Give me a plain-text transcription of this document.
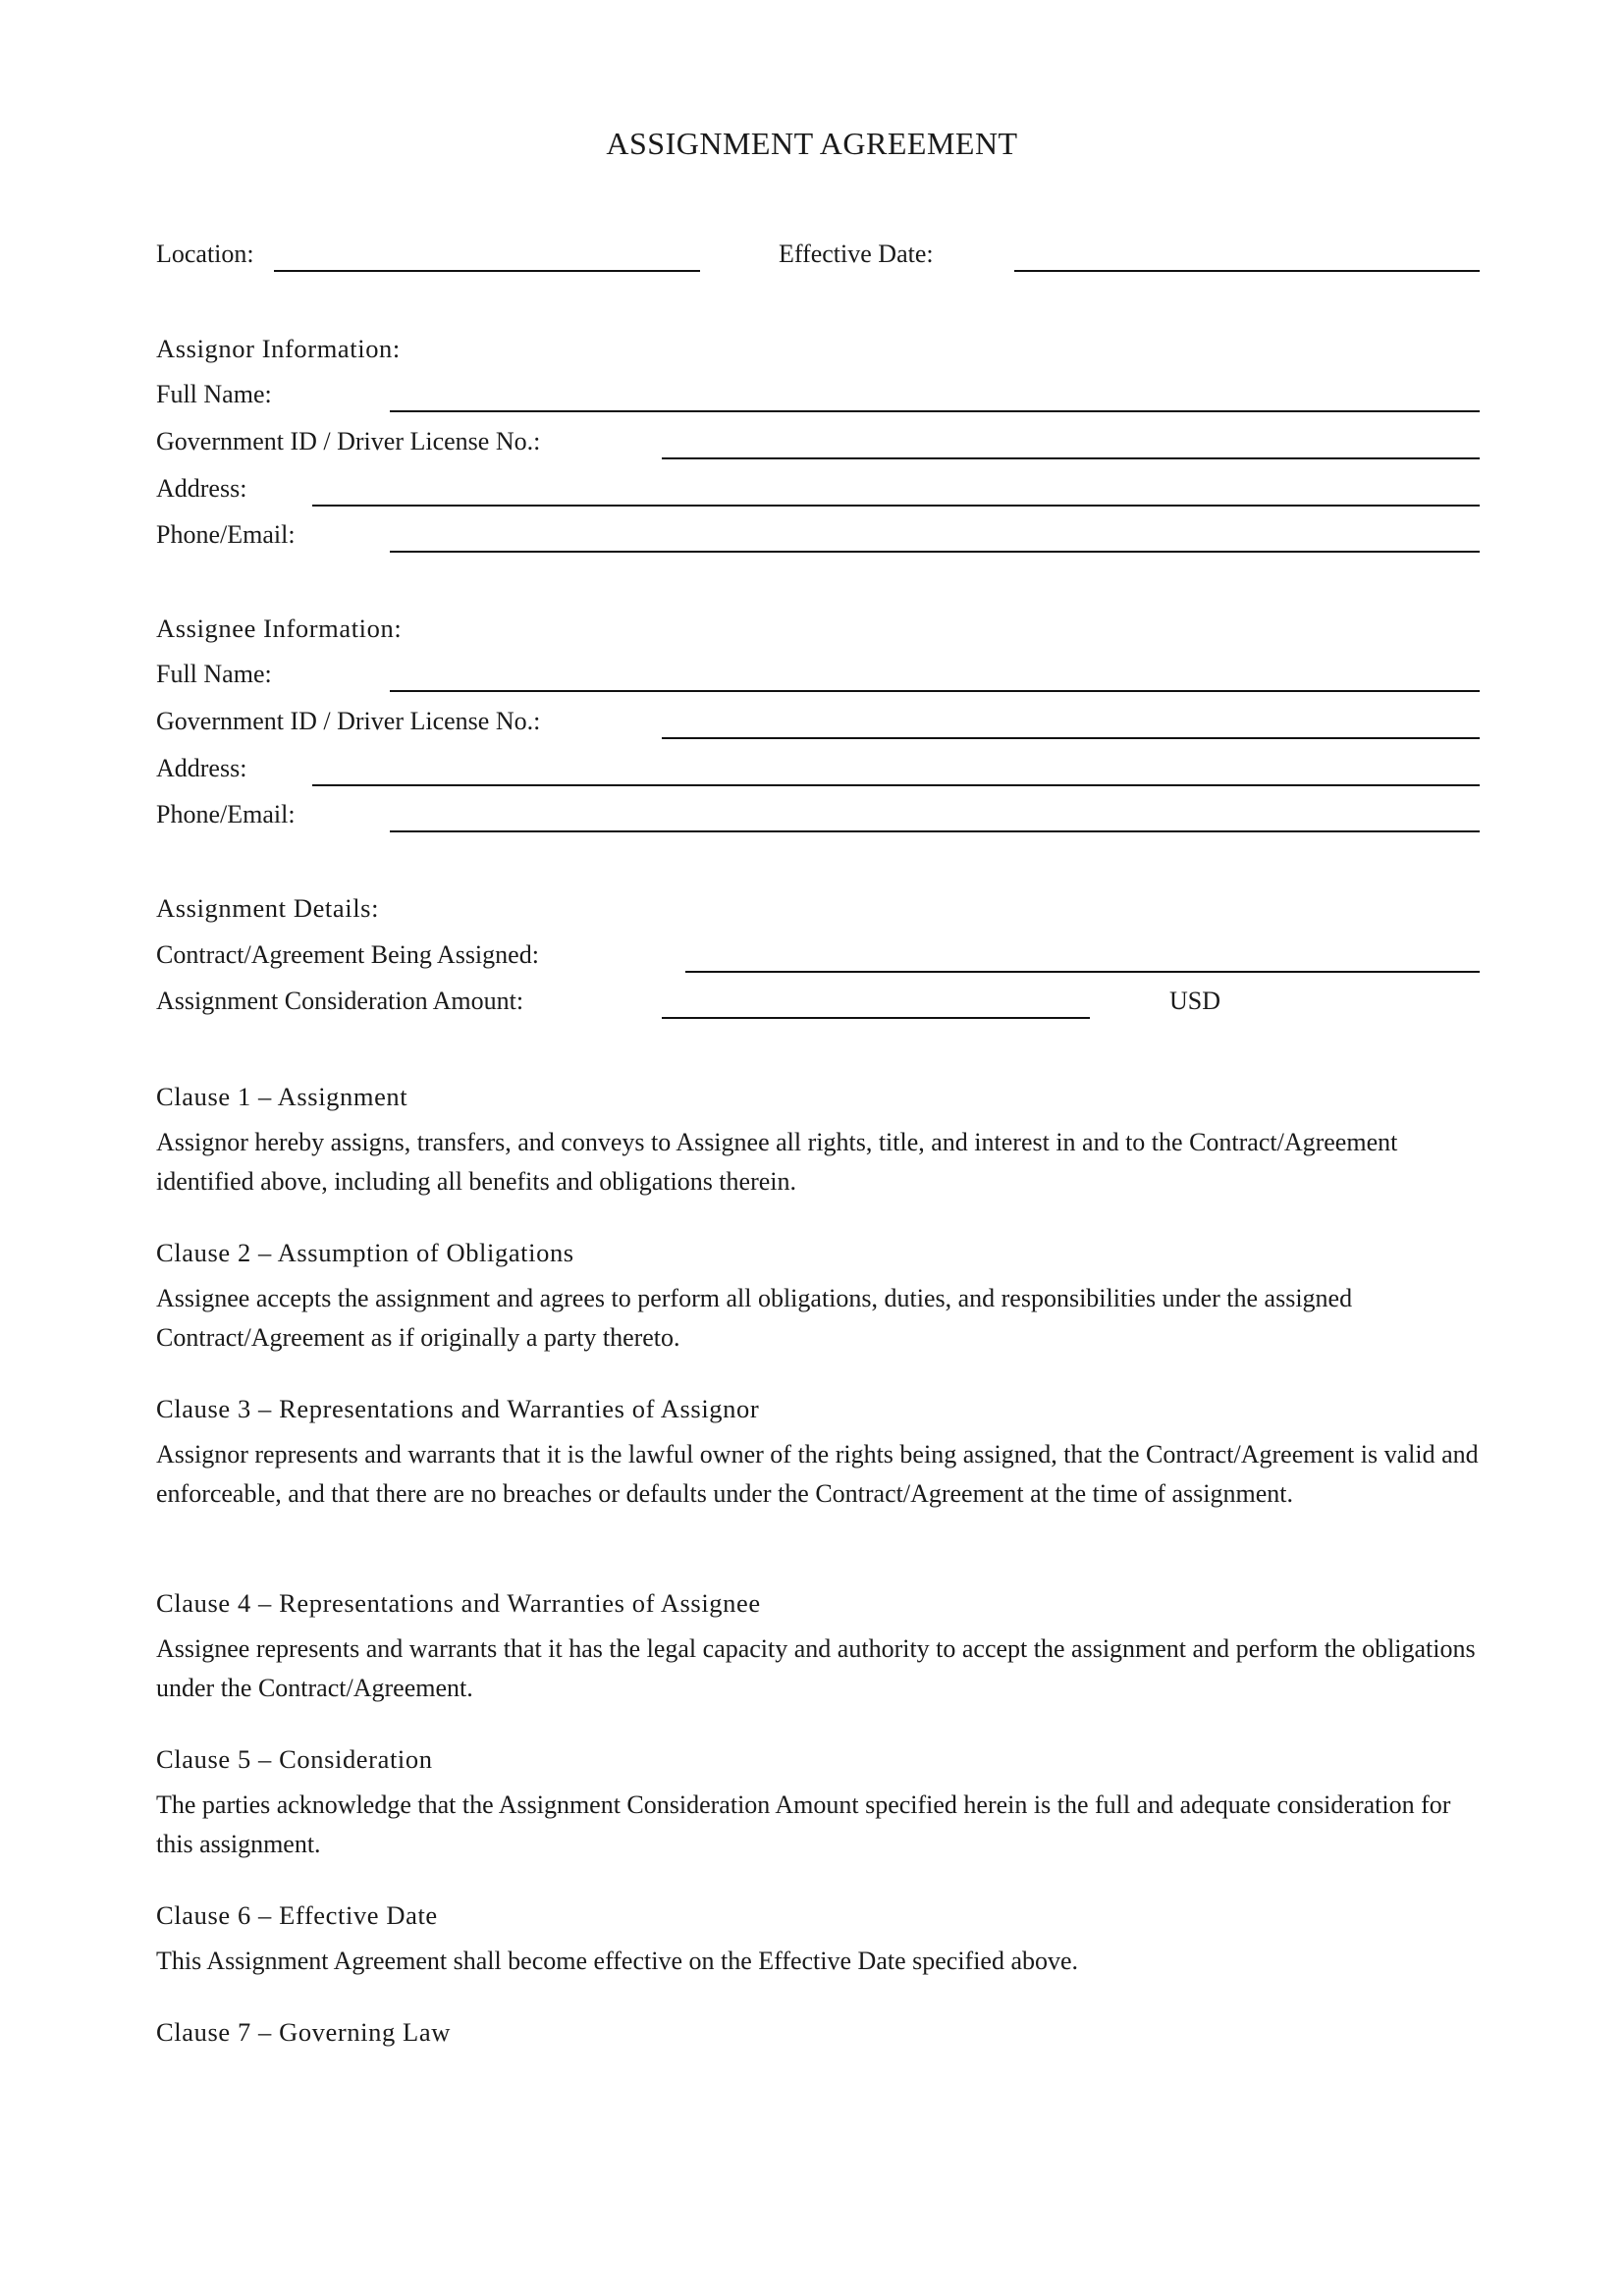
ASSIGNMENT AGREEMENT
Location:	Effective Date:
Assignor Information:
Full Name:
Government ID / Driver License No.:
Address:
Phone/Email:
Assignee Information:
Full Name:
Government ID / Driver License No.:
Address:
Phone/Email:
Assignment Details:
Contract/Agreement Being Assigned:
Assignment Consideration Amount:	USD
Clause 1 – Assignment
Assignor hereby assigns, transfers, and conveys to Assignee all rights, title, and interest in and to the Contract/Agreement identified above, including all benefits and obligations therein.
Clause 2 – Assumption of Obligations
Assignee accepts the assignment and agrees to perform all obligations, duties, and responsibilities under the assigned Contract/Agreement as if originally a party thereto.
Clause 3 – Representations and Warranties of Assignor
Assignor represents and warrants that it is the lawful owner of the rights being assigned, that the Contract/Agreement is valid and enforceable, and that there are no breaches or defaults under the Contract/Agreement at the time of assignment.
Clause 4 – Representations and Warranties of Assignee
Assignee represents and warrants that it has the legal capacity and authority to accept the assignment and perform the obligations under the Contract/Agreement.
Clause 5 – Consideration
The parties acknowledge that the Assignment Consideration Amount specified herein is the full and adequate consideration for this assignment.
Clause 6 – Effective Date
This Assignment Agreement shall become effective on the Effective Date specified above.
Clause 7 – Governing Law
